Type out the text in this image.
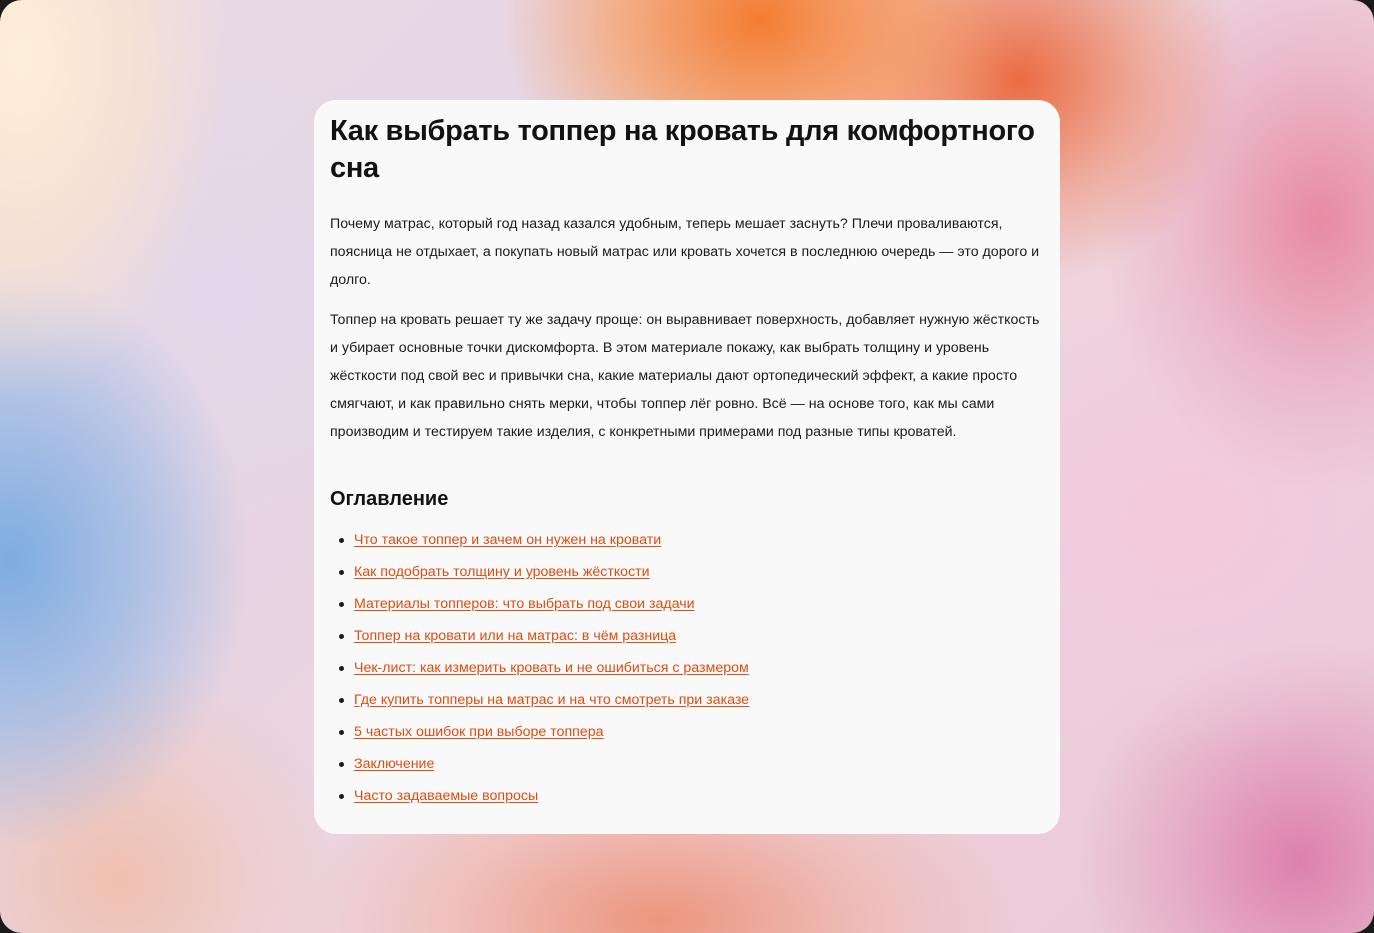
Как выбрать топпер на кровать для комфортного сна

Почему матрас, который год назад казался удобным, теперь мешает заснуть? Плечи проваливаются, поясница не отдыхает, а покупать новый матрас или кровать хочется в последнюю очередь — это дорого и долго.

Топпер на кровать решает ту же задачу проще: он выравнивает поверхность, добавляет нужную жёсткость и убирает основные точки дискомфорта. В этом материале покажу, как выбрать толщину и уровень жёсткости под свой вес и привычки сна, какие материалы дают ортопедический эффект, а какие просто смягчают, и как правильно снять мерки, чтобы топпер лёг ровно. Всё — на основе того, как мы сами производим и тестируем такие изделия, с конкретными примерами под разные типы кроватей.

Оглавление
Что такое топпер и зачем он нужен на кровати
Как подобрать толщину и уровень жёсткости
Материалы топперов: что выбрать под свои задачи
Топпер на кровати или на матрас: в чём разница
Чек-лист: как измерить кровать и не ошибиться с размером
Где купить топперы на матрас и на что смотреть при заказе
5 частых ошибок при выборе топпера
Заключение
Часто задаваемые вопросы
